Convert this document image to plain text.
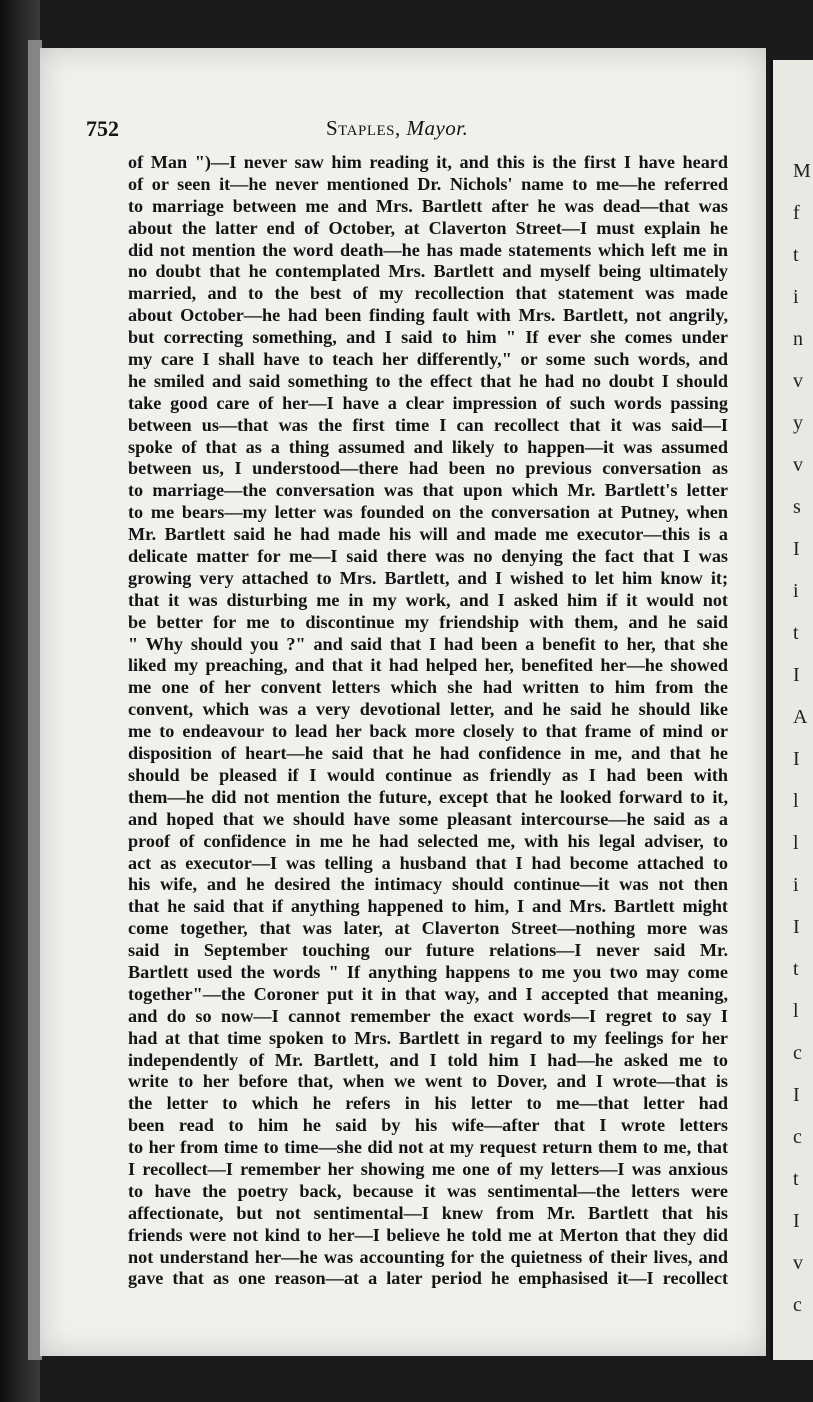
M
f
t
i
n
v
y
v
s
I
i
t
I
A
I
l
l
i
I
t
l
c
I
c
t
I
v
c
752	Staples, Mayor.
of Man ")—I never saw him reading it, and this is the first I have heard
of or seen it—he never mentioned Dr. Nichols' name to me—he referred
to marriage between me and Mrs. Bartlett after he was dead—that was
about the latter end of October, at Claverton Street—I must explain he
did not mention the word death—he has made statements which left me in
no doubt that he contemplated Mrs. Bartlett and myself being ultimately
married, and to the best of my recollection that statement was made
about October—he had been finding fault with Mrs. Bartlett, not angrily,
but correcting something, and I said to him " If ever she comes under
my care I shall have to teach her differently," or some such words, and
he smiled and said something to the effect that he had no doubt I should
take good care of her—I have a clear impression of such words passing
between us—that was the first time I can recollect that it was said—I
spoke of that as a thing assumed and likely to happen—it was assumed
between us, I understood—there had been no previous conversation as
to marriage—the conversation was that upon which Mr. Bartlett's letter
to me bears—my letter was founded on the conversation at Putney, when
Mr. Bartlett said he had made his will and made me executor—this is a
delicate matter for me—I said there was no denying the fact that I was
growing very attached to Mrs. Bartlett, and I wished to let him know it;
that it was disturbing me in my work, and I asked him if it would not
be better for me to discontinue my friendship with them, and he said
" Why should you ?" and said that I had been a benefit to her, that she
liked my preaching, and that it had helped her, benefited her—he showed
me one of her convent letters which she had written to him from the
convent, which was a very devotional letter, and he said he should like
me to endeavour to lead her back more closely to that frame of mind or
disposition of heart—he said that he had confidence in me, and that he
should be pleased if I would continue as friendly as I had been with
them—he did not mention the future, except that he looked forward to it,
and hoped that we should have some pleasant intercourse—he said as a
proof of confidence in me he had selected me, with his legal adviser, to
act as executor—I was telling a husband that I had become attached to
his wife, and he desired the intimacy should continue—it was not then
that he said that if anything happened to him, I and Mrs. Bartlett might
come together, that was later, at Claverton Street—nothing more was
said in September touching our future relations—I never said Mr.
Bartlett used the words " If anything happens to me you two may come
together"—the Coroner put it in that way, and I accepted that meaning,
and do so now—I cannot remember the exact words—I regret to say I
had at that time spoken to Mrs. Bartlett in regard to my feelings for her
independently of Mr. Bartlett, and I told him I had—he asked me to
write to her before that, when we went to Dover, and I wrote—that is
the letter to which he refers in his letter to me—that letter had
been read to him he said by his wife—after that I wrote letters
to her from time to time—she did not at my request return them to me, that
I recollect—I remember her showing me one of my letters—I was anxious
to have the poetry back, because it was sentimental—the letters were
affectionate, but not sentimental—I knew from Mr. Bartlett that his
friends were not kind to her—I believe he told me at Merton that they did
not understand her—he was accounting for the quietness of their lives, and
gave that as one reason—at a later period he emphasised it—I recollect
